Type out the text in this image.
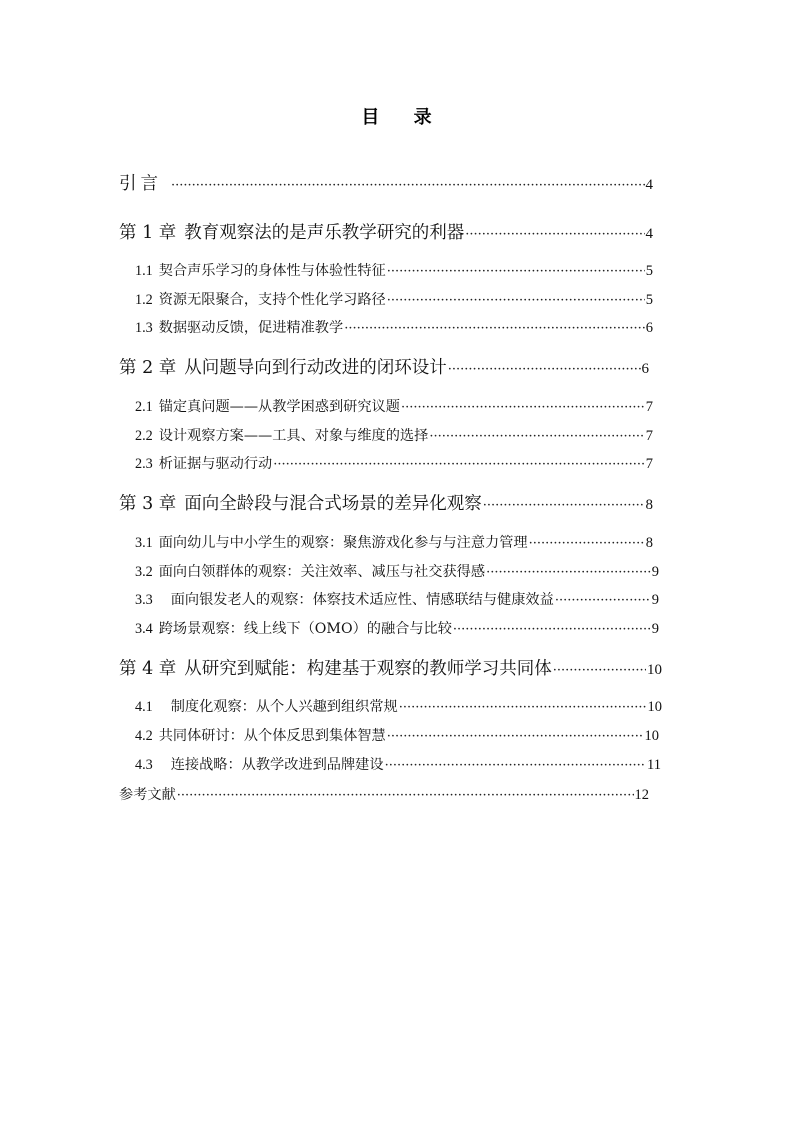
目 录
引言 ·····	4
第 1 章 教育观察法的是声乐教学研究的利器 ·····	4
1.1 契合声乐学习的身体性与体验性特征 ·····	5
1.2 资源无限聚合，支持个性化学习路径 ·····	5
1.3 数据驱动反馈，促进精准教学 ·····	6
第 2 章 从问题导向到行动改进的闭环设计 ·····	6
2.1 锚定真问题——从教学困惑到研究议题 ·····	7
2.2 设计观察方案——工具、对象与维度的选择 ·····	7
2.3 析证据与驱动行动 ·····	7
第 3 章 面向全龄段与混合式场景的差异化观察 ·····	8
3.1 面向幼儿与中小学生的观察：聚焦游戏化参与与注意力管理 ·····	8
3.2 面向白领群体的观察：关注效率、减压与社交获得感 ·····	9
3.3 面向银发老人的观察：体察技术适应性、情感联结与健康效益 ·····	9
3.4 跨场景观察：线上线下（OMO）的融合与比较 ·····	9
第 4 章 从研究到赋能：构建基于观察的教师学习共同体 ·····	10
4.1 制度化观察：从个人兴趣到组织常规 ·····	10
4.2 共同体研讨：从个体反思到集体智慧 ·····	10
4.3 连接战略：从教学改进到品牌建设 ·····	11
参考文献 ·····	12
